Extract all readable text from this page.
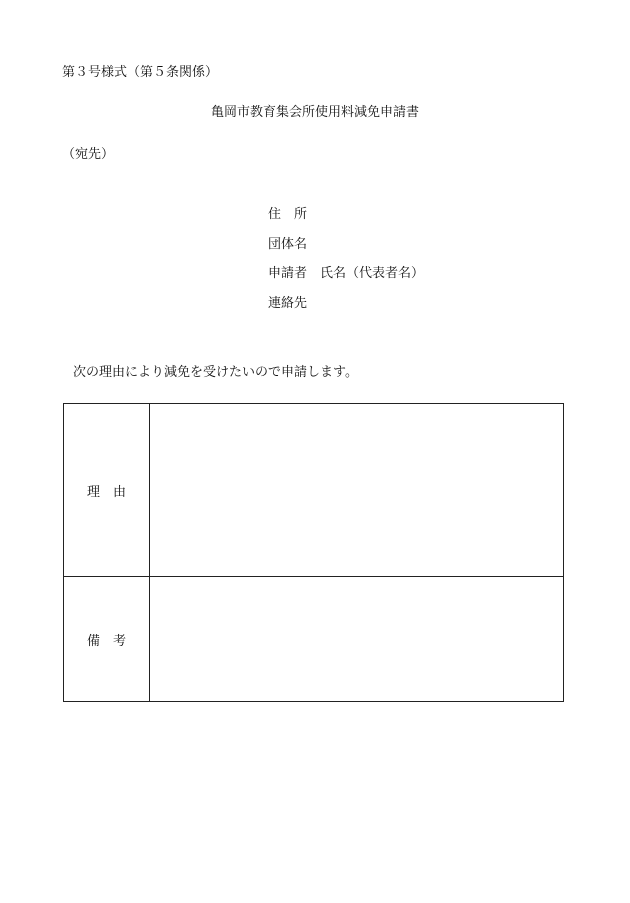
第３号様式（第５条関係）
亀岡市教育集会所使用料減免申請書
（宛先）
住　所
団体名
申請者　氏名（代表者名）
連絡先
次の理由により減免を受けたいので申請します。
理　由	
備　考	
